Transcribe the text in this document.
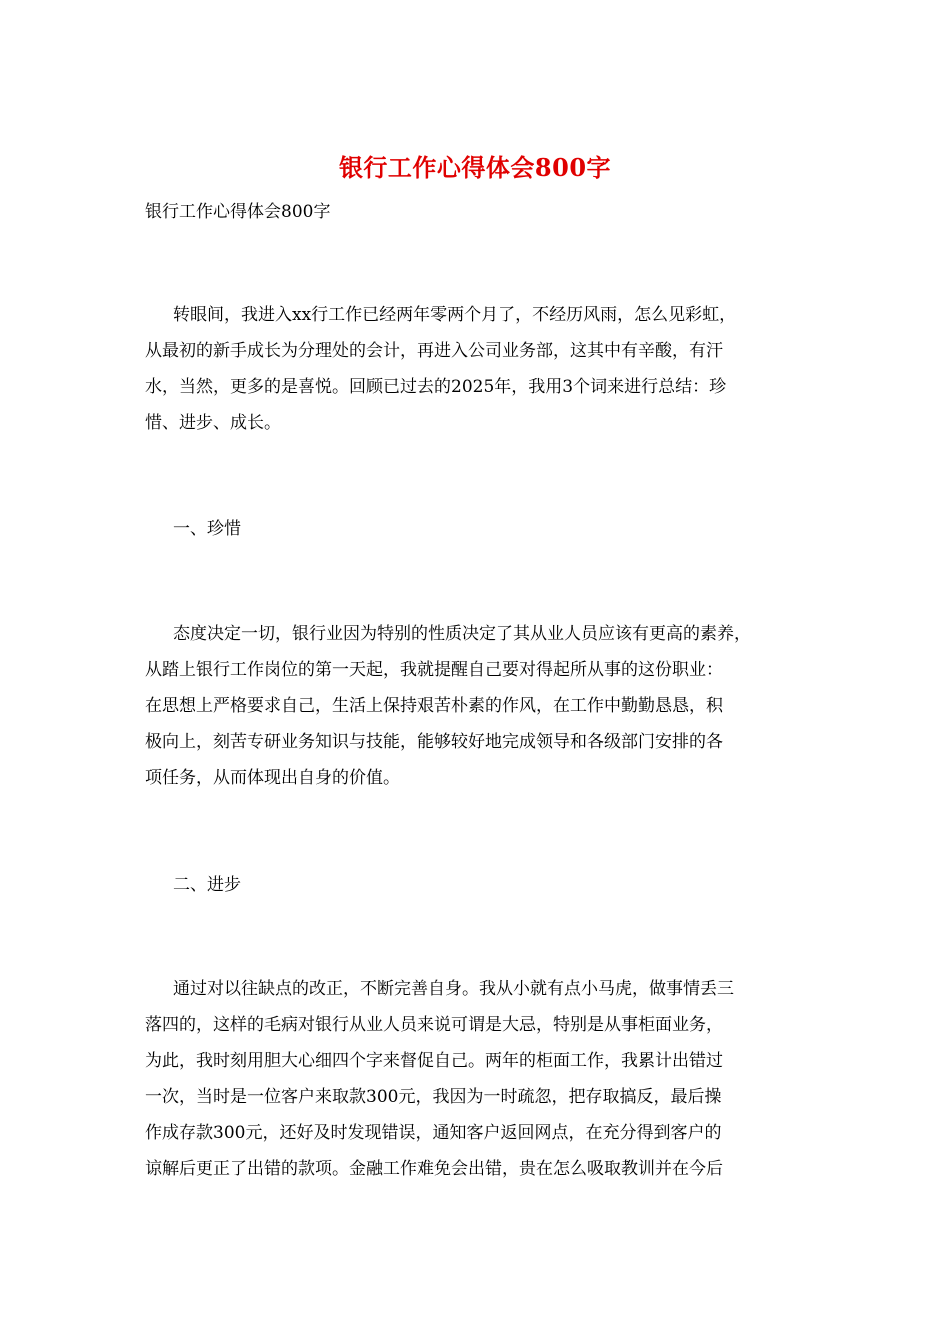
银行工作心得体会800字
银行工作心得体会800字
转眼间，我进入xx行工作已经两年零两个月了，不经历风雨，怎么见彩虹，
从最初的新手成长为分理处的会计，再进入公司业务部，这其中有辛酸，有汗
水，当然，更多的是喜悦。回顾已过去的2025年，我用3个词来进行总结：珍
惜、进步、成长。
一、珍惜
态度决定一切，银行业因为特别的性质决定了其从业人员应该有更高的素养，
从踏上银行工作岗位的第一天起，我就提醒自己要对得起所从事的这份职业：
在思想上严格要求自己，生活上保持艰苦朴素的作风，在工作中勤勤恳恳，积
极向上，刻苦专研业务知识与技能，能够较好地完成领导和各级部门安排的各
项任务，从而体现出自身的价值。
二、进步
通过对以往缺点的改正，不断完善自身。我从小就有点小马虎，做事情丢三
落四的，这样的毛病对银行从业人员来说可谓是大忌，特别是从事柜面业务，
为此，我时刻用胆大心细四个字来督促自己。两年的柜面工作，我累计出错过
一次，当时是一位客户来取款300元，我因为一时疏忽，把存取搞反，最后操
作成存款300元，还好及时发现错误，通知客户返回网点，在充分得到客户的
谅解后更正了出错的款项。金融工作难免会出错，贵在怎么吸取教训并在今后
